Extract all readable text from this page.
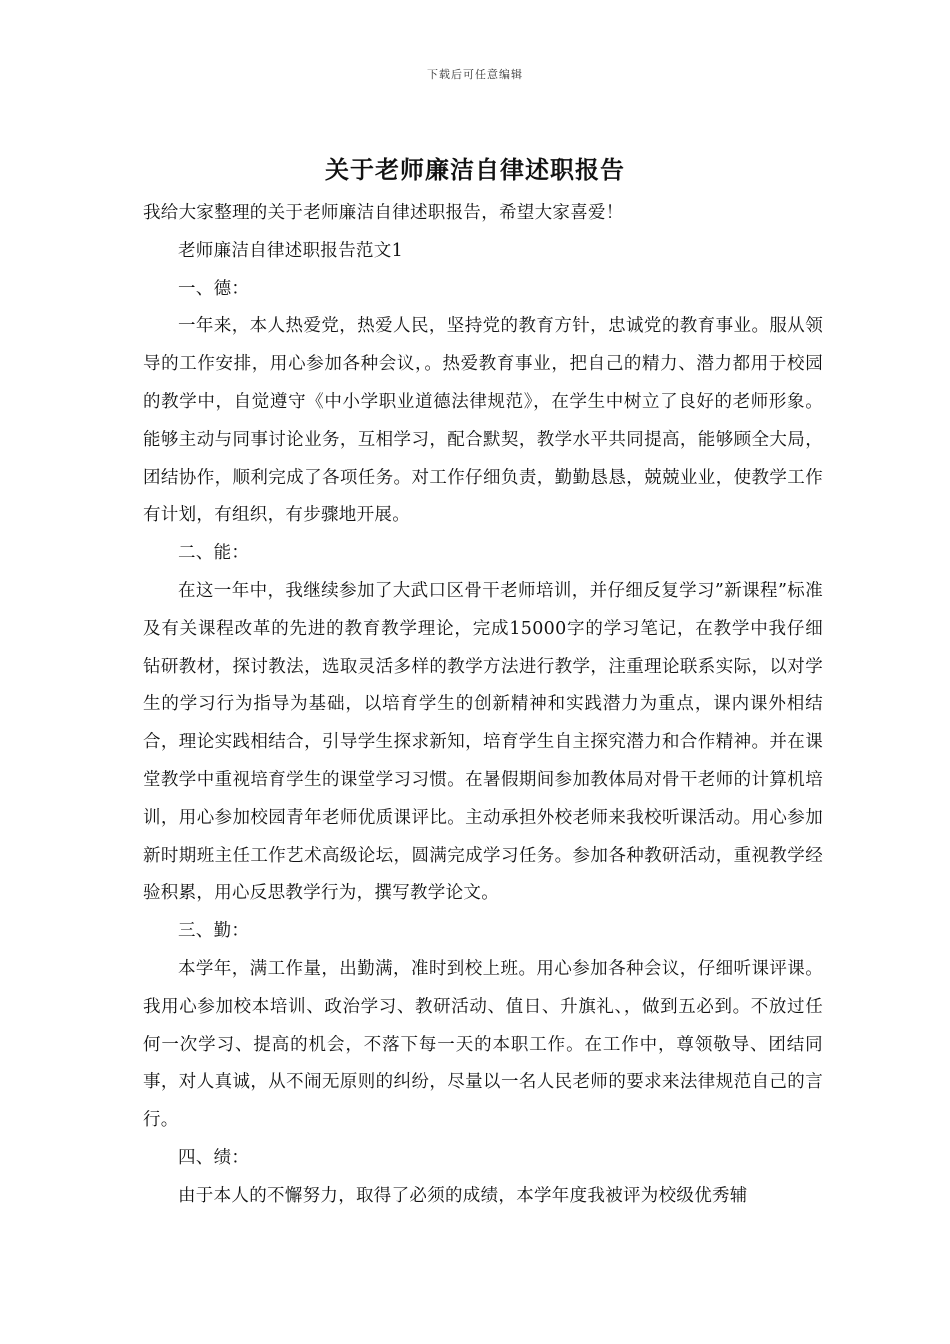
下载后可任意编辑
关于老师廉洁自律述职报告

我给大家整理的关于老师廉洁自律述职报告，希望大家喜爱！

老师廉洁自律述职报告范文1

一、德：

一年来，本人热爱党，热爱人民，坚持党的教育方针，忠诚党的教育事业。服从领导的工作安排，用心参加各种会议，。热爱教育事业，把自己的精力、潜力都用于校园的教学中，自觉遵守《中小学职业道德法律规范》，在学生中树立了良好的老师形象。能够主动与同事讨论业务，互相学习，配合默契，教学水平共同提高，能够顾全大局，团结协作，顺利完成了各项任务。对工作仔细负责，勤勤恳恳，兢兢业业，使教学工作有计划，有组织，有步骤地开展。

二、能：

在这一年中，我继续参加了大武口区骨干老师培训，并仔细反复学习”新课程”标准及有关课程改革的先进的教育教学理论，完成15000字的学习笔记，在教学中我仔细钻研教材，探讨教法，选取灵活多样的教学方法进行教学，注重理论联系实际，以对学生的学习行为指导为基础，以培育学生的创新精神和实践潜力为重点，课内课外相结合，理论实践相结合，引导学生探求新知，培育学生自主探究潜力和合作精神。并在课堂教学中重视培育学生的课堂学习习惯。在暑假期间参加教体局对骨干老师的计算机培训，用心参加校园青年老师优质课评比。主动承担外校老师来我校听课活动。用心参加新时期班主任工作艺术高级论坛，圆满完成学习任务。参加各种教研活动，重视教学经验积累，用心反思教学行为，撰写教学论文。

三、勤：

本学年，满工作量，出勤满，准时到校上班。用心参加各种会议，仔细听课评课。我用心参加校本培训、政治学习、教研活动、值日、升旗礼、，做到五必到。不放过任何一次学习、提高的机会，不落下每一天的本职工作。在工作中，尊领敬导、团结同事，对人真诚，从不闹无原则的纠纷，尽量以一名人民老师的要求来法律规范自己的言行。

四、绩：

由于本人的不懈努力，取得了必须的成绩，本学年度我被评为校级优秀辅
